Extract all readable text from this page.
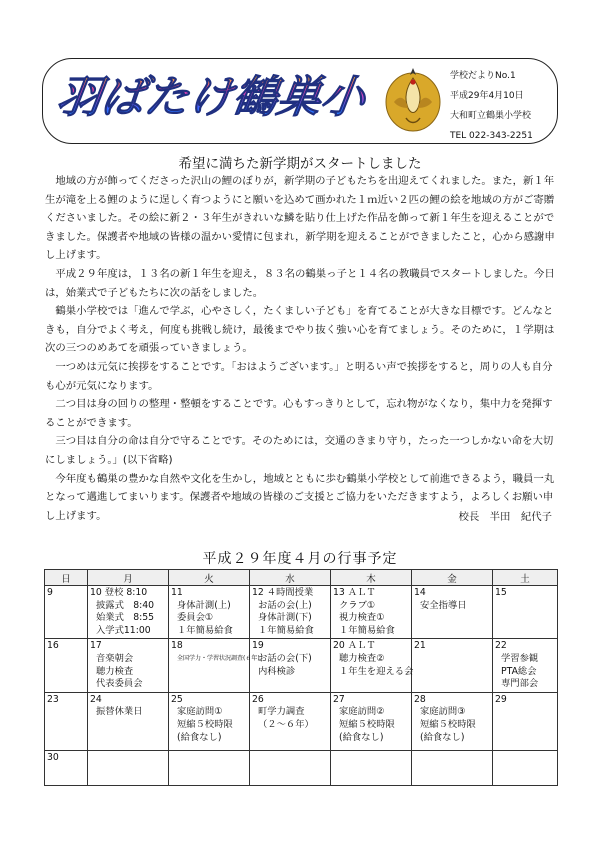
羽ばたけ鶴巣小	学校だよりNo.1
平成29年4月10日
大和町立鶴巣小学校
TEL 022-343-2251
希望に満ちた新学期がスタートしました

地域の方が飾ってくださった沢山の鯉のぼりが，新学期の子どもたちを出迎えてくれました。また，新１年生が滝を上る鯉のように逞しく育つようにと願いを込めて画かれた１ｍ近い２匹の鯉の絵を地域の方がご寄贈くださいました。その絵に新２・３年生がきれいな鱗を貼り仕上げた作品を飾って新１年生を迎えることができました。保護者や地域の皆様の温かい愛情に包まれ，新学期を迎えることができましたこと，心から感謝申し上げます。

平成２９年度は，１３名の新１年生を迎え，８３名の鶴巣っ子と１４名の教職員でスタートしました。今日は，始業式で子どもたちに次の話をしました。

鶴巣小学校では「進んで学ぶ，心やさしく，たくましい子ども」を育てることが大きな目標です。どんなときも，自分でよく考え，何度も挑戦し続け，最後までやり抜く強い心を育てましょう。そのために，１学期は次の三つのめあてを頑張っていきましょう。

一つめは元気に挨拶をすることです。「おはようございます。」と明るい声で挨拶をすると，周りの人も自分も心が元気になります。

二つ目は身の回りの整理・整頓をすることです。心もすっきりとして，忘れ物がなくなり，集中力を発揮することができます。

三つ目は自分の命は自分で守ることです。そのためには，交通のきまり守り，たった一つしかない命を大切にしましょう。」(以下省略)

今年度も鶴巣の豊かな自然や文化を生かし，地域とともに歩む鶴巣小学校として前進できるよう，職員一丸となって邁進してまいります。保護者や地域の皆様のご支援とご協力をいただきますよう，よろしくお願い申し上げます。	校長　半田　紀代子
平成２９年度４月の行事予定
日	月	火	水	木	金	土

9	10 登校 8:10
披露式　8:40
始業式　8:55
入学式11:00	11
身体計測(上)
委員会①
１年簡易給食	12 ４時間授業
お話の会(上)
身体計測(下)
１年簡易給食	13 ＡＬＴ
クラブ①
視力検査①
１年簡易給食	14
安全指導日	15

16	17
音楽朝会
聴力検査
代表委員会	18
全国学力・学習状況調査(６年)	19
お話の会(下)
内科検診	20 ＡＬＴ
聴力検査②
１年生を迎える会	21	22
学習参観
PTA総会
専門部会

23	24
振替休業日	25
家庭訪問①
短縮５校時限
(給食なし)	26
町学力調査
（２～６年）	27
家庭訪問②
短縮５校時限
(給食なし)	28
家庭訪問③
短縮５校時限
(給食なし)	29

30						
